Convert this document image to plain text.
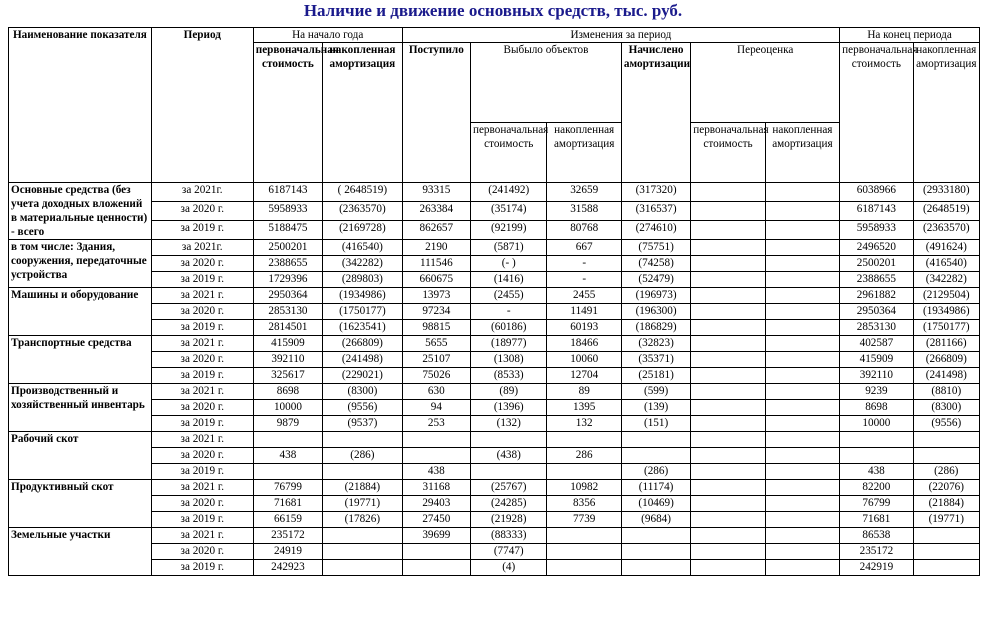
Наличие и движение основных средств, тыс. руб.
Наименование показателя	Период	На начало года		Изменения за период						На конец периода	
		первоначальная стоимость	накопленная амортизация	Поступило	Выбыло объектов		Начислено амортизации	Переоценка		первоначальная стоимость	накопленная амортизация
					первоначальная стоимость	накопленная амортизация		первоначальная стоимость	накопленная амортизация		
Основные средства (без учета доходных вложений в материальные ценности) - всего	за 2021г.	6187143	( 2648519)	93315	(241492)	32659	(317320)			6038966	(2933180)
	за 2020 г.	5958933	(2363570)	263384	(35174)	31588	(316537)			6187143	(2648519)
	за 2019 г.	5188475	(2169728)	862657	(92199)	80768	(274610)			5958933	(2363570)
в том числе: Здания, сооружения, передаточные устройства	за 2021г.	2500201	(416540)	2190	(5871)	667	(75751)			2496520	(491624)
	за 2020 г.	2388655	(342282)	111546	(- )	-	(74258)			2500201	(416540)
	за 2019 г.	1729396	(289803)	660675	(1416)	-	(52479)			2388655	(342282)
Машины и оборудование	за 2021 г.	2950364	(1934986)	13973	(2455)	2455	(196973)			2961882	(2129504)
	за 2020 г.	2853130	(1750177)	97234	-	11491	(196300)			2950364	(1934986)
	за 2019 г.	2814501	(1623541)	98815	(60186)	60193	(186829)			2853130	(1750177)
Транспортные средства	за 2021 г.	415909	(266809)	5655	(18977)	18466	(32823)			402587	(281166)
	за 2020 г.	392110	(241498)	25107	(1308)	10060	(35371)			415909	(266809)
	за 2019 г.	325617	(229021)	75026	(8533)	12704	(25181)			392110	(241498)
Производственный и хозяйственный инвентарь	за 2021 г.	8698	(8300)	630	(89)	89	(599)			9239	(8810)
	за 2020 г.	10000	(9556)	94	(1396)	1395	(139)			8698	(8300)
	за 2019 г.	9879	(9537)	253	(132)	132	(151)			10000	(9556)
Рабочий скот	за 2021 г.										
	за 2020 г.	438	(286)		(438)	286					
	за 2019 г.			438			(286)			438	(286)
Продуктивный скот	за 2021 г.	76799	(21884)	31168	(25767)	10982	(11174)			82200	(22076)
	за 2020 г.	71681	(19771)	29403	(24285)	8356	(10469)			76799	(21884)
	за 2019 г.	66159	(17826)	27450	(21928)	7739	(9684)			71681	(19771)
Земельные участки	за 2021 г.	235172		39699	(88333)					86538	
	за 2020 г.	24919			(7747)					235172	
	за 2019 г.	242923			(4)					242919	
